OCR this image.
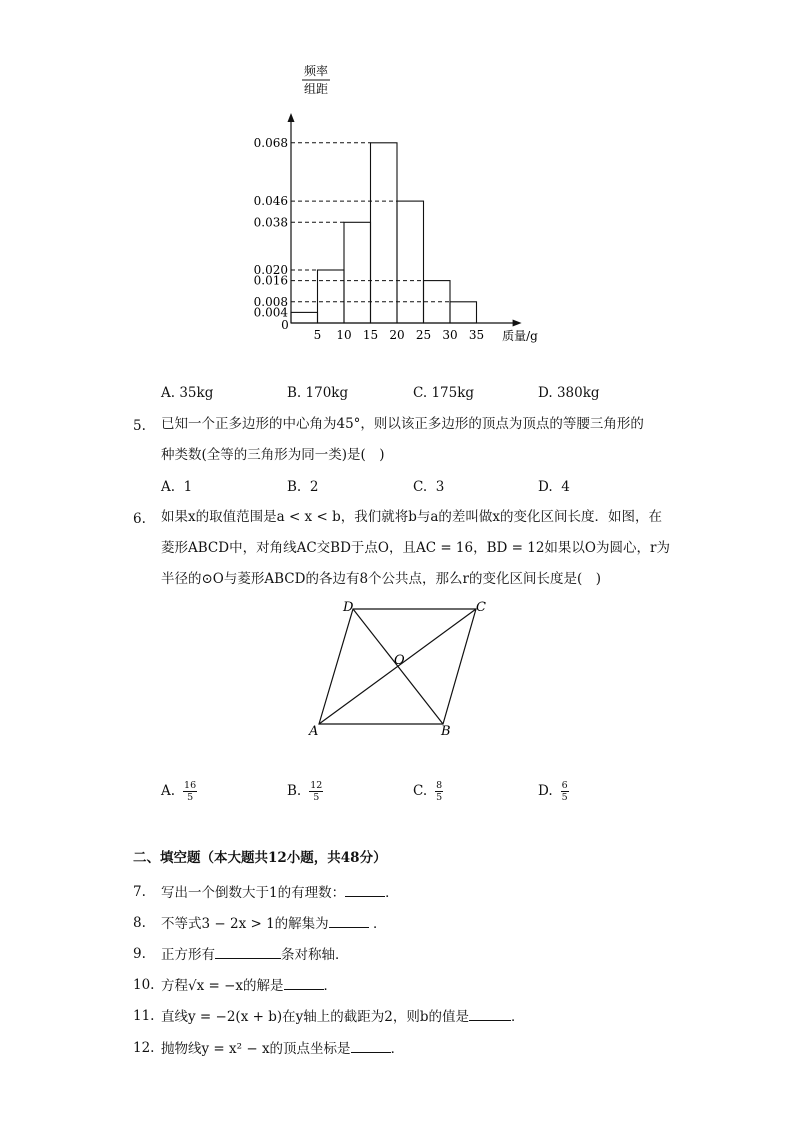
0.068
0.046
0.038
0.020
0.016
0.008
0.004
5 10 15 20 25 30 35
频率
组距
质量/g
0
A. 35kg	B. 170kg	C. 175kg	D. 380kg
5. 已知一个正多边形的中心角为45°，则以该正多边形的顶点为顶点的等腰三角形的
种类数(全等的三角形为同一类)是(　)
A. 1	B. 2	C. 3	D. 4
6. 如果x的取值范围是a < x < b，我们就将b与a的差叫做x的变化区间长度．如图，在
菱形ABCD中，对角线AC交BD于点O，且AC = 16，BD = 12如果以O为圆心，r为
半径的⊙O与菱形ABCD的各边有8个公共点，那么r的变化区间长度是(　)
A	B
C
D
O
A. $\frac{16}{5}$	B. $\frac{12}{5}$	C. $\frac{8}{5}$	D. $\frac{6}{5}$
二、填空题（本大题共12小题，共48分）
7. 写出一个倒数大于1的有理数：	．
8. 不等式3 − 2x > 1的解集为	．
9. 正方形有	条对称轴．
10. 方程√x = −x的解是	．
11. 直线y = −2(x + b)在y轴上的截距为2，则b的值是	．
12. 抛物线y = x² − x的顶点坐标是	．
